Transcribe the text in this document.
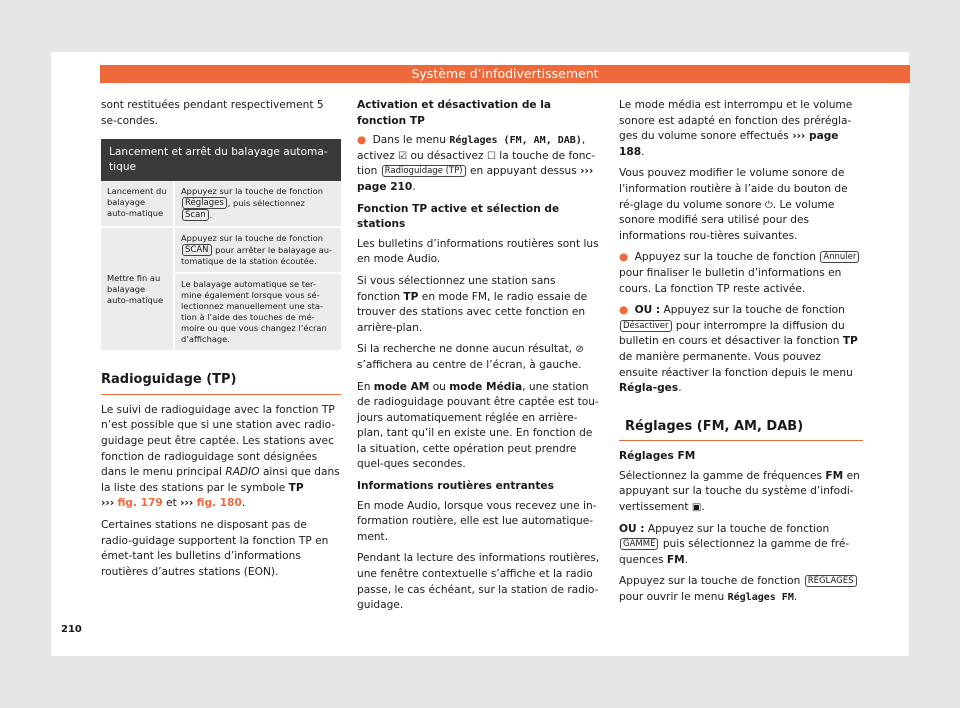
Système d’infodivertissement

sont restituées pendant respectivement 5 se-condes.

Lancement et arrêt du balayage automa-tique	
Lancement du balayage auto-matique	Appuyez sur la touche de fonction Réglages , puis sélectionnez Scan .
Mettre fin au balayage auto-matique	Appuyez sur la touche de fonction SCAN pour arrêter le balayage au-tomatique de la station écoutée.
	Le balayage automatique se ter-mine également lorsque vous sé-lectionnez manuellement une sta-tion à l’aide des touches de mé-moire ou que vous changez l’écran d’affichage.
Radioguidage (TP)

Le suivi de radioguidage avec la fonction TP n’est possible que si une station avec radio-guidage peut être captée. Les stations avec fonction de radioguidage sont désignées dans le menu principal RADIO ainsi que dans la liste des stations par le symbole TP
››› fig. 179 et ››› fig. 180.

Certaines stations ne disposant pas de radio-guidage supportent la fonction TP en émet-tant les bulletins d’informations routières d’autres stations (EON).

Activation et désactivation de la fonction TP

● Dans le menu Réglages (FM, AM, DAB), activez ☑ ou désactivez ☐ la touche de fonc-tion Radioguidage (TP) en appuyant dessus ››› page 210.

Fonction TP active et sélection de stations

Les bulletins d’informations routières sont lus en mode Audio.

Si vous sélectionnez une station sans fonction TP en mode FM, le radio essaie de trouver des stations avec cette fonction en arrière-plan.

Si la recherche ne donne aucun résultat, ⊘ s’affichera au centre de l’écran, à gauche.

En mode AM ou mode Média, une station de radioguidage pouvant être captée est tou-jours automatiquement réglée en arrière-plan, tant qu’il en existe une. En fonction de la situation, cette opération peut prendre quel-ques secondes.

Informations routières entrantes

En mode Audio, lorsque vous recevez une in-formation routière, elle est lue automatique-ment.

Pendant la lecture des informations routières, une fenêtre contextuelle s’affiche et la radio passe, le cas échéant, sur la station de radio-guidage.

Le mode média est interrompu et le volume sonore est adapté en fonction des prérégla-ges du volume sonore effectués ››› page 188.

Vous pouvez modifier le volume sonore de l’information routière à l’aide du bouton de ré-glage du volume sonore ⏻. Le volume sonore modifié sera utilisé pour des informations rou-tières suivantes.

● Appuyez sur la touche de fonction Annuler pour finaliser le bulletin d’informations en cours. La fonction TP reste activée.

● OU : Appuyez sur la touche de fonction Désactiver pour interrompre la diffusion du bulletin en cours et désactiver la fonction TP de manière permanente. Vous pouvez ensuite réactiver la fonction depuis le menu Régla-ges.

Réglages (FM, AM, DAB)

Réglages FM

Sélectionnez la gamme de fréquences FM en appuyant sur la touche du système d’infodi-vertissement ▣.

OU : Appuyez sur la touche de fonction GAMME puis sélectionnez la gamme de fré-quences FM.

Appuyez sur la touche de fonction RÉGLAGES pour ouvrir le menu Réglages FM.

210
